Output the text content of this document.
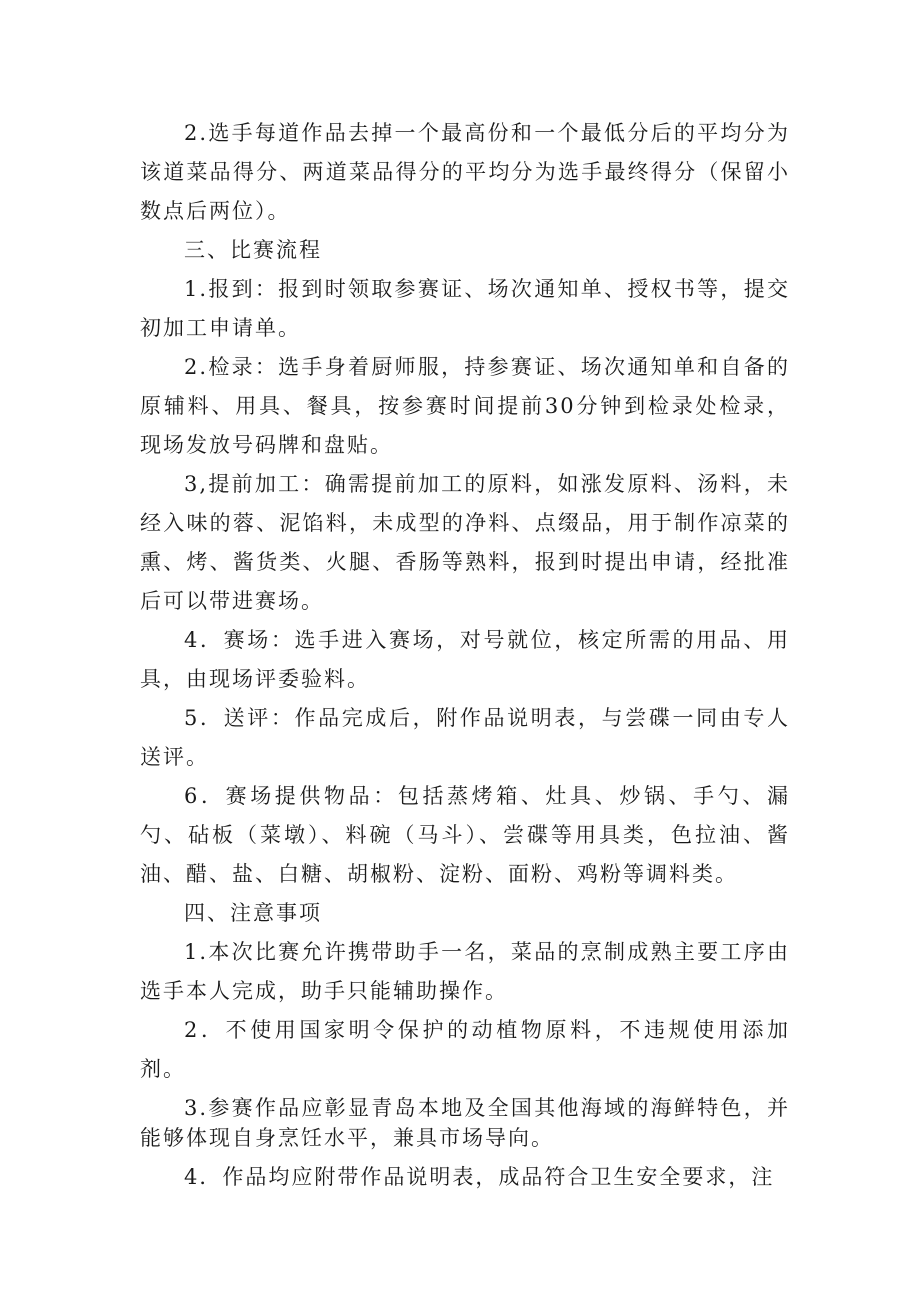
2.选手每道作品去掉一个最高份和一个最低分后的平均分为该道菜品得分、两道菜品得分的平均分为选手最终得分（保留小数点后两位）。

三、比赛流程

1.报到：报到时领取参赛证、场次通知单、授权书等，提交初加工申请单。

2.检录：选手身着厨师服，持参赛证、场次通知单和自备的原辅料、用具、餐具，按参赛时间提前30分钟到检录处检录，现场发放号码牌和盘贴。

3,提前加工：确需提前加工的原料，如涨发原料、汤料，未经入味的蓉、泥馅料，未成型的净料、点缀品，用于制作凉菜的熏、烤、酱货类、火腿、香肠等熟料，报到时提出申请，经批准后可以带进赛场。

4．赛场：选手进入赛场，对号就位，核定所需的用品、用具，由现场评委验料。

5．送评：作品完成后，附作品说明表，与尝碟一同由专人送评。

6．赛场提供物品：包括蒸烤箱、灶具、炒锅、手勺、漏勺、砧板（菜墩）、料碗（马斗）、尝碟等用具类，色拉油、酱油、醋、盐、白糖、胡椒粉、淀粉、面粉、鸡粉等调料类。

四、注意事项

1.本次比赛允许携带助手一名，菜品的烹制成熟主要工序由选手本人完成，助手只能辅助操作。

2．不使用国家明令保护的动植物原料，不违规使用添加剂。

3.参赛作品应彰显青岛本地及全国其他海域的海鲜特色，并能够体现自身烹饪水平，兼具市场导向。

4．作品均应附带作品说明表，成品符合卫生安全要求，注
